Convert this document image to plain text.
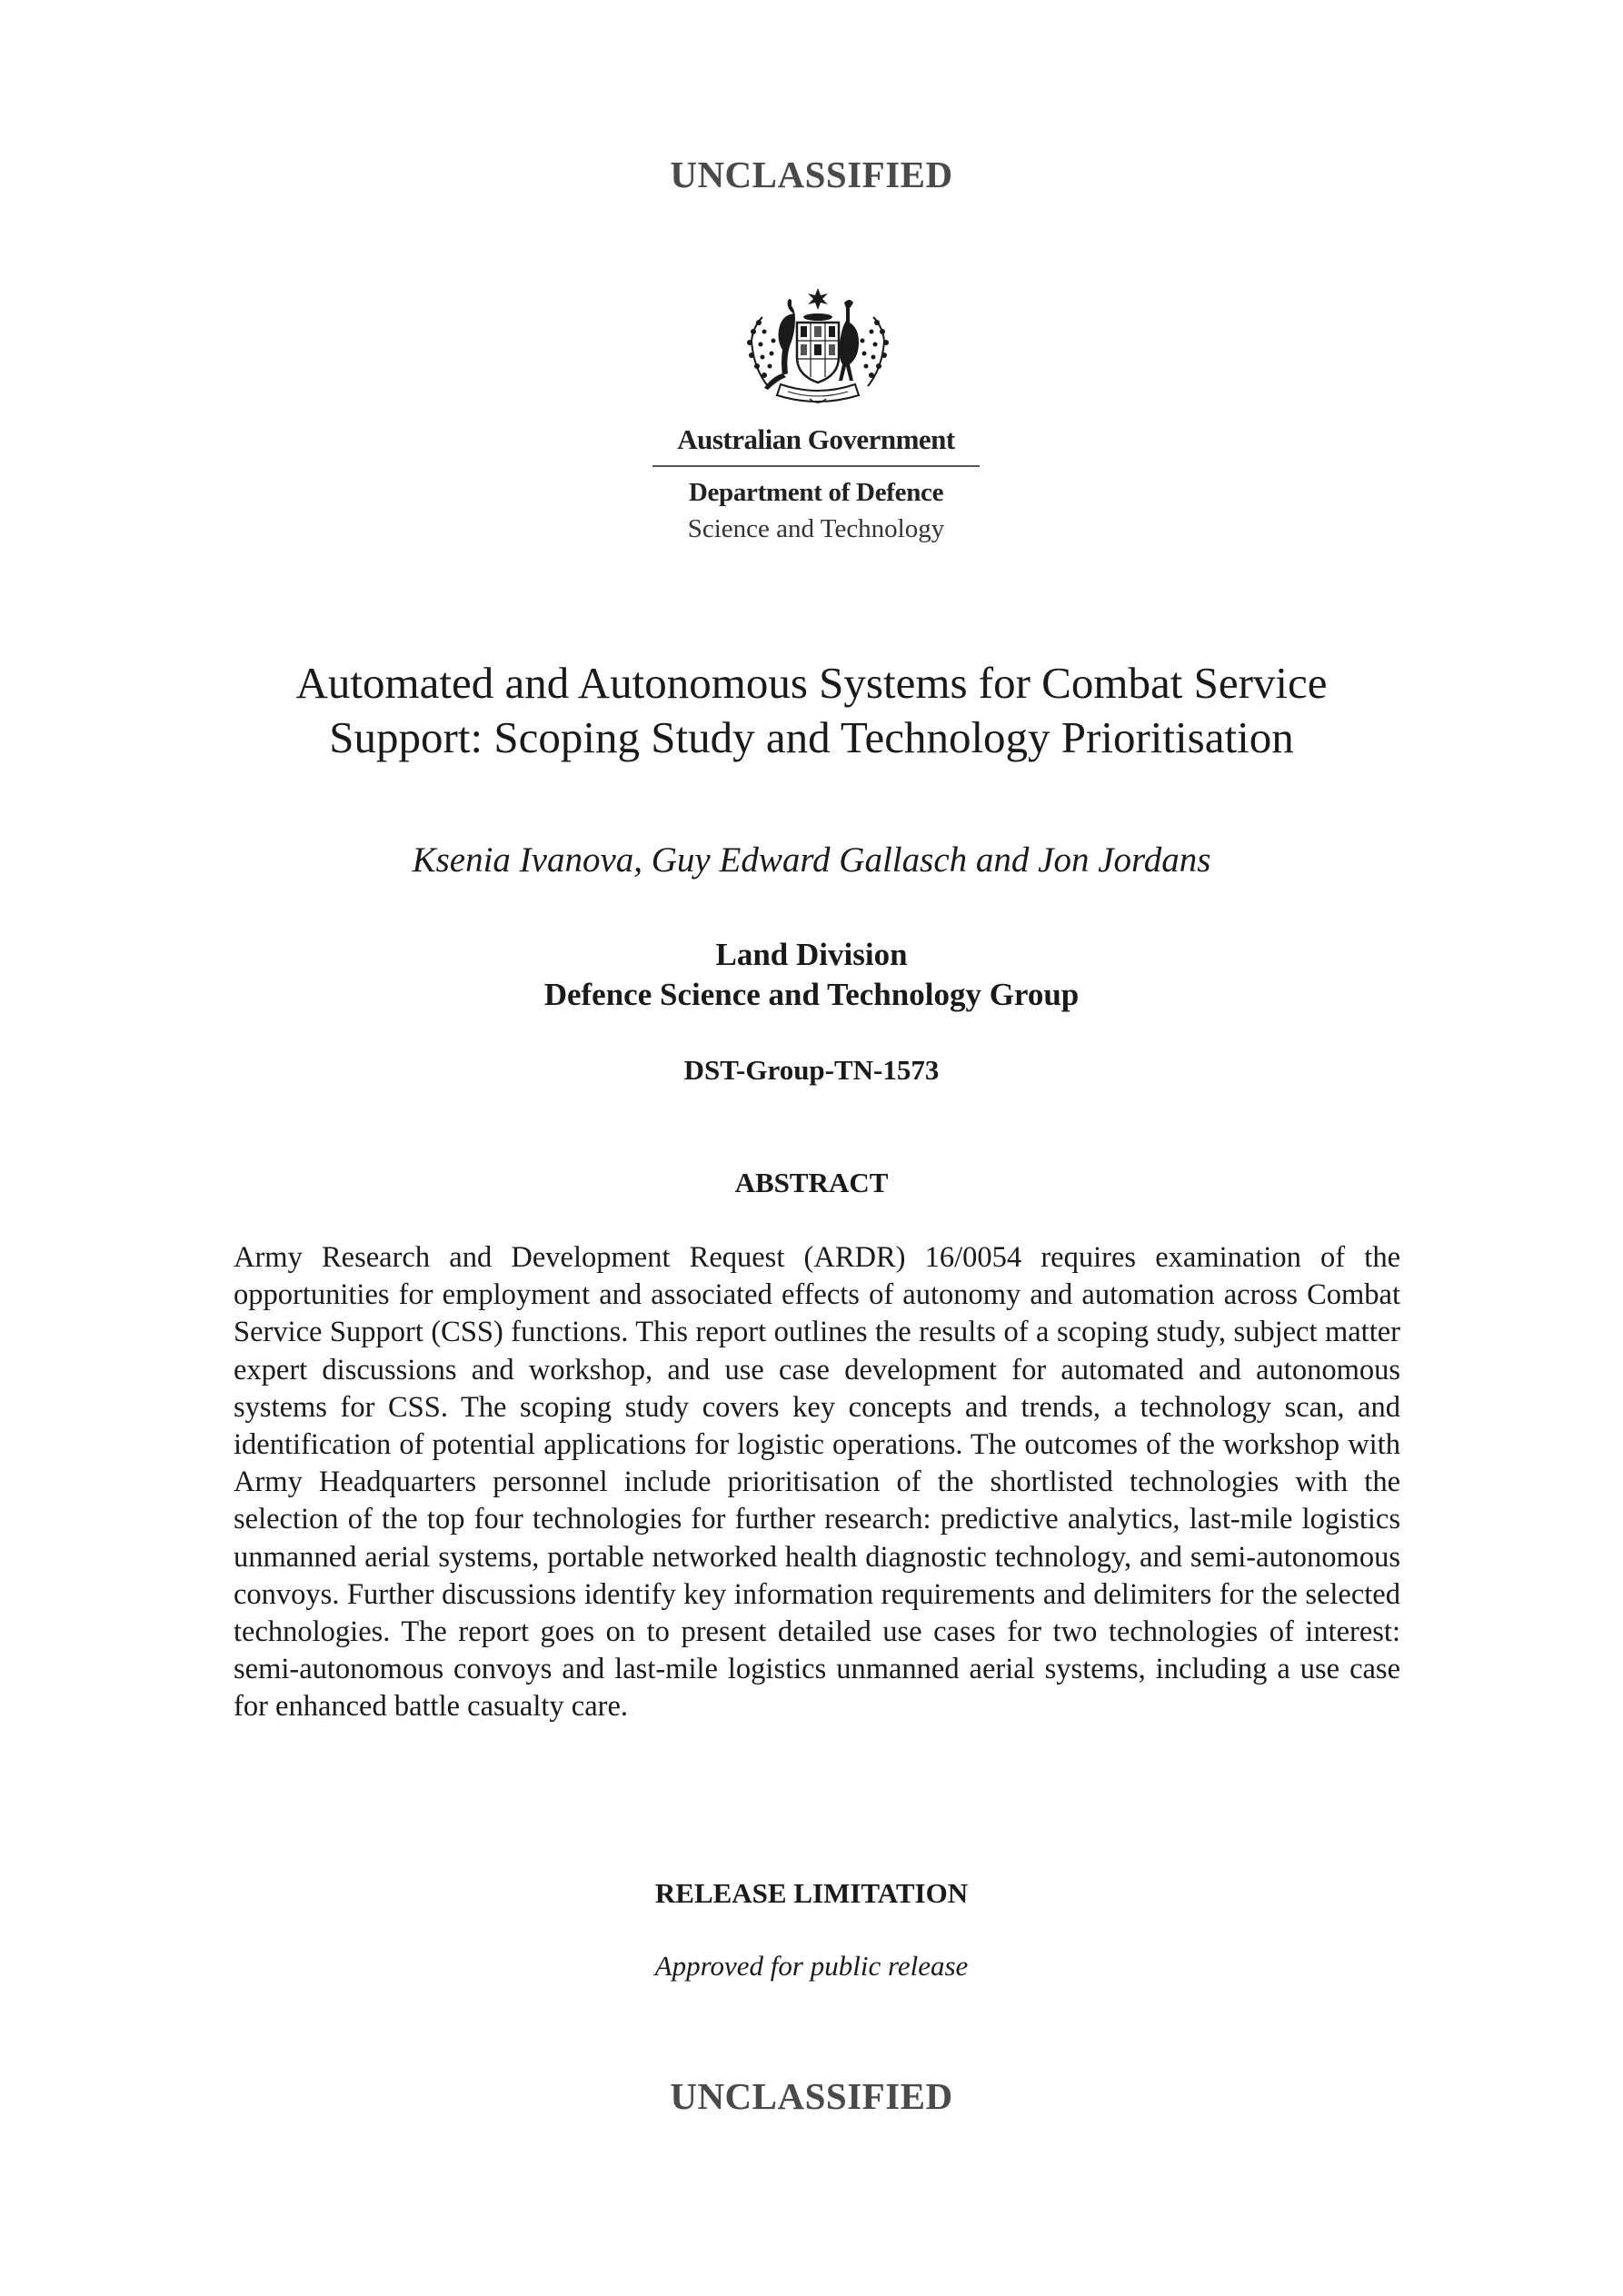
UNCLASSIFIED
Australian Government
Department of Defence
Science and Technology
Automated and Autonomous Systems for Combat Service
Support: Scoping Study and Technology Prioritisation
Ksenia Ivanova, Guy Edward Gallasch and Jon Jordans
Land Division
Defence Science and Technology Group
DST-Group-TN-1573
ABSTRACT
Army Research and Development Request (ARDR) 16/0054 requires examination of the opportunities for employment and associated effects of autonomy and automation across Combat Service Support (CSS) functions. This report outlines the results of a scoping study, subject matter expert discussions and workshop, and use case development for automated and autonomous systems for CSS. The scoping study covers key concepts and trends, a technology scan, and identification of potential applications for logistic operations. The outcomes of the workshop with Army Headquarters personnel include prioritisation of the shortlisted technologies with the selection of the top four technologies for further research: predictive analytics, last-mile logistics unmanned aerial systems, portable networked health diagnostic technology, and semi-autonomous convoys. Further discussions identify key information requirements and delimiters for the selected technologies. The report goes on to present detailed use cases for two technologies of interest: semi-autonomous convoys and last-mile logistics unmanned aerial systems, including a use case for enhanced battle casualty care.
RELEASE LIMITATION
Approved for public release
UNCLASSIFIED
